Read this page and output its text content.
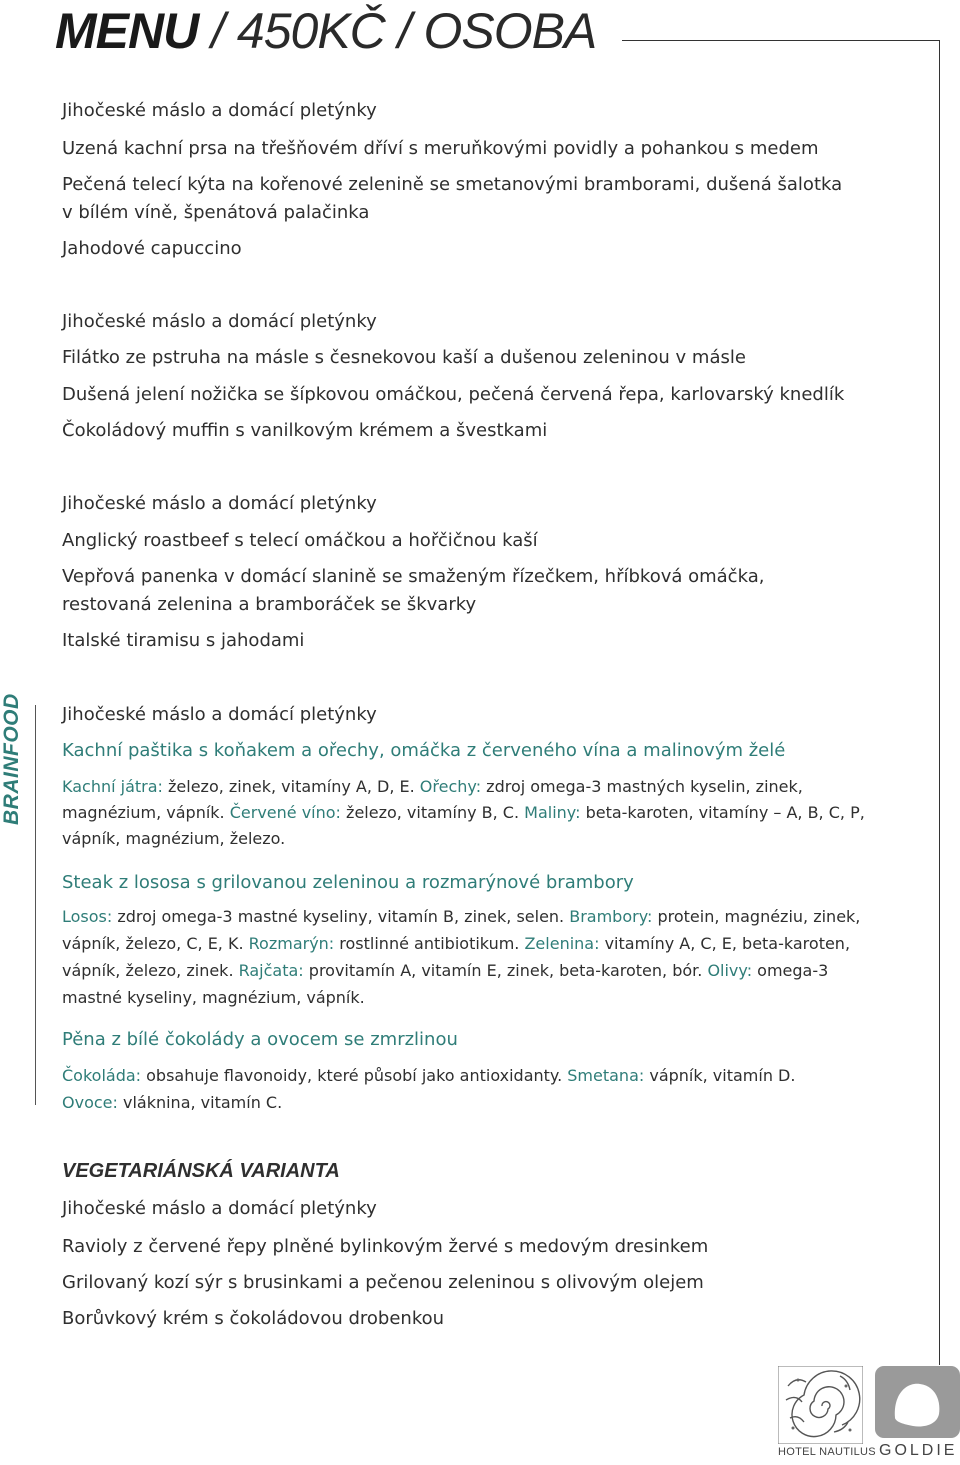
MENU / 450KČ / OSOBA
Jihočeské máslo a domácí pletýnky
Uzená kachní prsa na třešňovém dříví s meruňkovými povidly a pohankou s medem
Pečená telecí kýta na kořenové zelenině se smetanovými bramborami, dušená šalotka
v bílém víně, špenátová palačinka
Jahodové capuccino
Jihočeské máslo a domácí pletýnky
Filátko ze pstruha na másle s česnekovou kaší a dušenou zeleninou v másle
Dušená jelení nožička se šípkovou omáčkou, pečená červená řepa, karlovarský knedlík
Čokoládový muffin s vanilkovým krémem a švestkami
Jihočeské máslo a domácí pletýnky
Anglický roastbeef s telecí omáčkou a hořčičnou kaší
Vepřová panenka v domácí slanině se smaženým řízečkem, hříbková omáčka,
restovaná zelenina a bramboráček se škvarky
Italské tiramisu s jahodami
BRAINFOOD Jihočeské máslo a domácí pletýnky
Kachní paštika s koňakem a ořechy, omáčka z červeného vína a malinovým želé
Kachní játra: železo, zinek, vitamíny A, D, E. Ořechy: zdroj omega-3 mastných kyselin, zinek,
magnézium, vápník. Červené víno: železo, vitamíny B, C. Maliny: beta-karoten, vitamíny – A, B, C, P,
vápník, magnézium, železo.
Steak z lososa s grilovanou zeleninou a rozmarýnové brambory
Losos: zdroj omega-3 mastné kyseliny, vitamín B, zinek, selen. Brambory: protein, magnéziu, zinek,
vápník, železo, C, E, K. Rozmarýn: rostlinné antibiotikum. Zelenina: vitamíny A, C, E, beta-karoten,
vápník, železo, zinek. Rajčata: provitamín A, vitamín E, zinek, beta-karoten, bór. Olivy: omega-3
mastné kyseliny, magnézium, vápník.
Pěna z bílé čokolády a ovocem se zmrzlinou
Čokoláda: obsahuje flavonoidy, které působí jako antioxidanty. Smetana: vápník, vitamín D.
Ovoce: vláknina, vitamín C.
VEGETARIÁNSKÁ VARIANTA
Jihočeské máslo a domácí pletýnky
Ravioly z červené řepy plněné bylinkovým žervé s medovým dresinkem
Grilovaný kozí sýr s brusinkami a pečenou zeleninou s olivovým olejem
Borůvkový krém s čokoládovou drobenkou
HOTEL NAUTILUS GOLDIE
